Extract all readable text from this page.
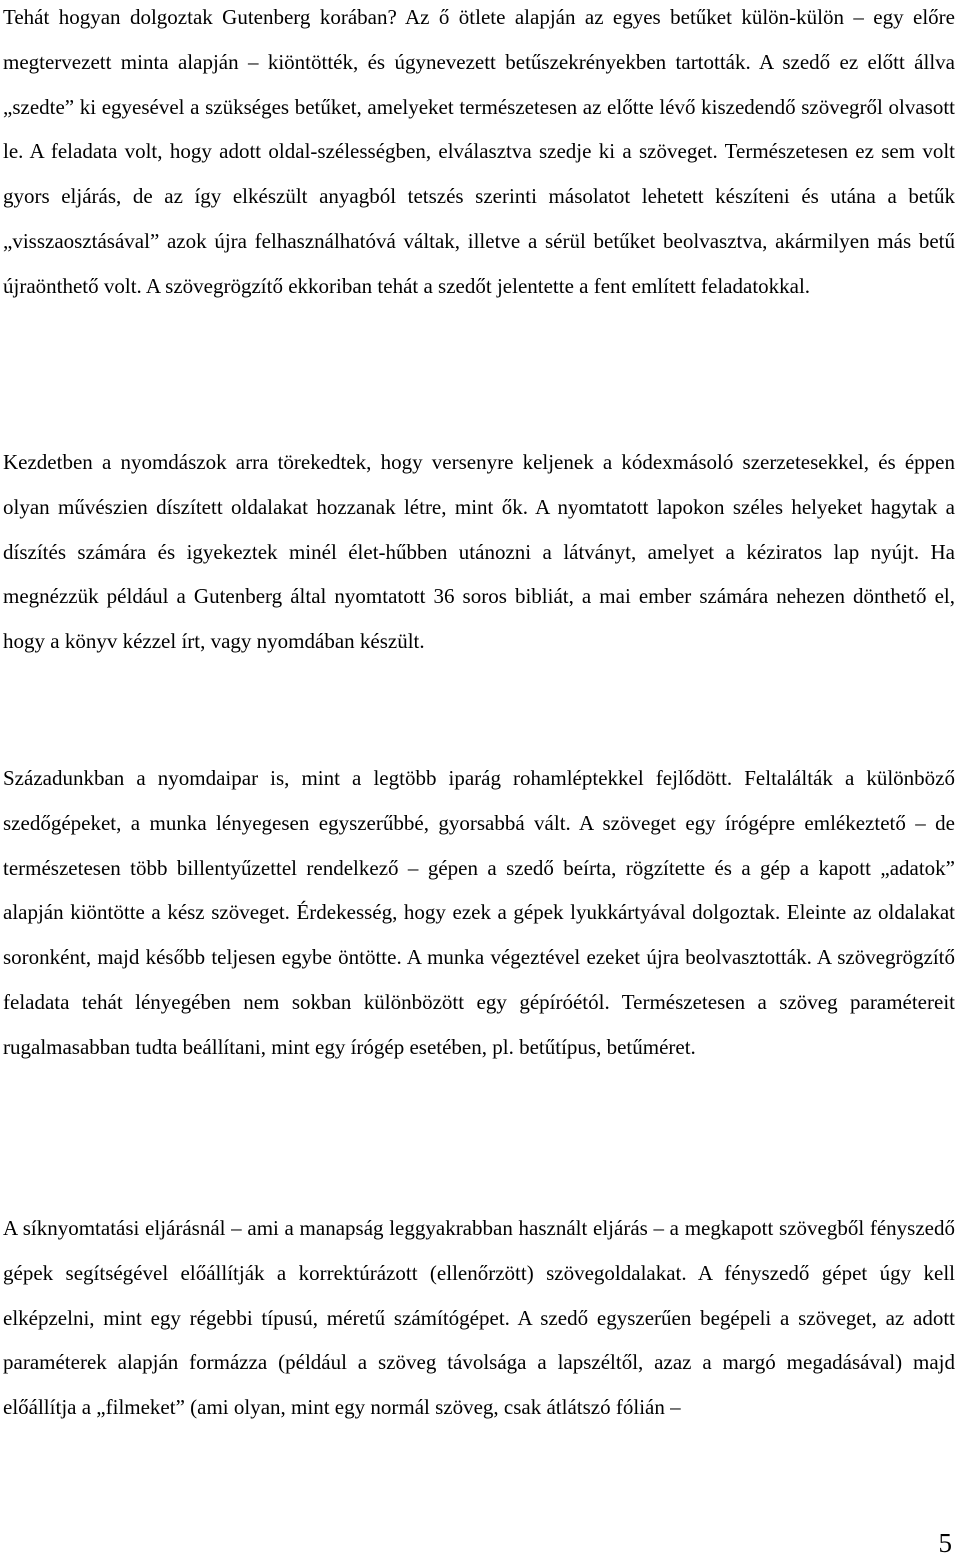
Tehát hogyan dolgoztak Gutenberg korában? Az ő ötlete alapján az egyes betűket külön-külön – egy előre megtervezett minta alapján – kiöntötték, és úgynevezett betűszekrényekben tartották. A szedő ez előtt állva „szedte” ki egyesével a szükséges betűket, amelyeket természetesen az előtte lévő kiszedendő szövegről olvasott le. A feladata volt, hogy adott oldal-szélességben, elválasztva szedje ki a szöveget. Természetesen ez sem volt gyors eljárás, de az így elkészült anyagból tetszés szerinti másolatot lehetett készíteni és utána a betűk „visszaosztásával” azok újra felhasználhatóvá váltak, illetve a sérül betűket beolvasztva, akármilyen más betű újraönthető volt. A szövegrögzítő ekkoriban tehát a szedőt jelentette a fent említett feladatokkal.

Kezdetben a nyomdászok arra törekedtek, hogy versenyre keljenek a kódexmásoló szerzetesekkel, és éppen olyan művészien díszített oldalakat hozzanak létre, mint ők. A nyomtatott lapokon széles helyeket hagytak a díszítés számára és igyekeztek minél élet-hűbben utánozni a látványt, amelyet a kéziratos lap nyújt. Ha megnézzük például a Gutenberg által nyomtatott 36 soros bibliát, a mai ember számára nehezen dönthető el, hogy a könyv kézzel írt, vagy nyomdában készült.

Századunkban a nyomdaipar is, mint a legtöbb iparág rohamléptekkel fejlődött. Feltalálták a különböző szedőgépeket, a munka lényegesen egyszerűbbé, gyorsabbá vált. A szöveget egy írógépre emlékeztető – de természetesen több billentyűzettel rendelkező – gépen a szedő beírta, rögzítette és a gép a kapott „adatok” alapján kiöntötte a kész szöveget. Érdekesség, hogy ezek a gépek lyukkártyával dolgoztak. Eleinte az oldalakat soronként, majd később teljesen egybe öntötte. A munka végeztével ezeket újra beolvasztották. A szövegrögzítő feladata tehát lényegében nem sokban különbözött egy gépíróétól. Természetesen a szöveg paramétereit rugalmasabban tudta beállítani, mint egy írógép esetében, pl. betűtípus, betűméret.

A síknyomtatási eljárásnál – ami a manapság leggyakrabban használt eljárás – a megkapott szövegből fényszedő gépek segítségével előállítják a korrektúrázott (ellenőrzött) szövegoldalakat. A fényszedő gépet úgy kell elképzelni, mint egy régebbi típusú, méretű számítógépet. A szedő egyszerűen begépeli a szöveget, az adott paraméterek alapján formázza (például a szöveg távolsága a lapszéltől, azaz a margó megadásával) majd előállítja a „filmeket” (ami olyan, mint egy normál szöveg, csak átlátszó fólián –

5
